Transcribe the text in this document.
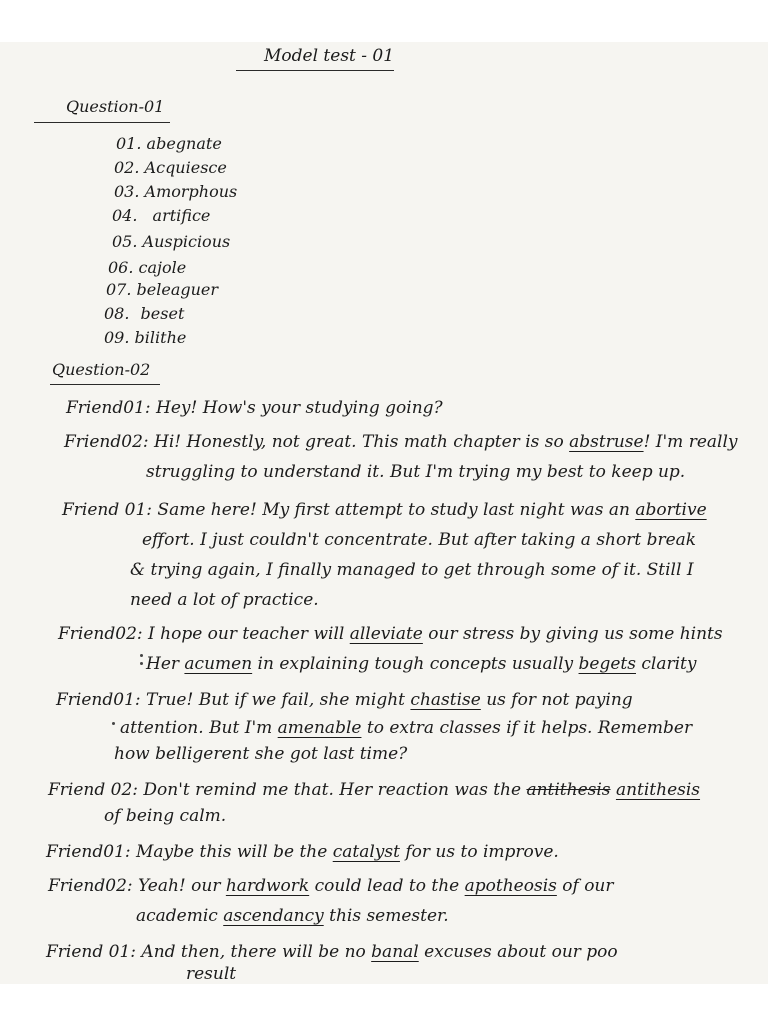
Model test - 01
Question-01
01. abegnate
02. Acquiesce
03. Amorphous
04. artifice
05. Auspicious
06. cajole
07. beleaguer
08. beset
09. bilithe
Question-02
Friend01: Hey! How's your studying going?
Friend02: Hi! Honestly, not great. This math chapter is so abstruse! I'm really
struggling to understand it. But I'm trying my best to keep up.
Friend 01: Same here! My first attempt to study last night was an abortive
effort. I just couldn't concentrate. But after taking a short break
& trying again, I finally managed to get through some of it. Still I
need a lot of practice.
Friend02: I hope our teacher will alleviate our stress by giving us some hints
Her acumen in explaining tough concepts usually begets clarity
Friend01: True! But if we fail, she might chastise us for not paying
attention. But I'm amenable to extra classes if it helps. Remember
how belligerent she got last time?
Friend 02: Don't remind me that. Her reaction was the antithesis antithesis
of being calm.
Friend01: Maybe this will be the catalyst for us to improve.
Friend02: Yeah! our hardwork could lead to the apotheosis of our
academic ascendancy this semester.
Friend 01: And then, there will be no banal excuses about our poo
result
